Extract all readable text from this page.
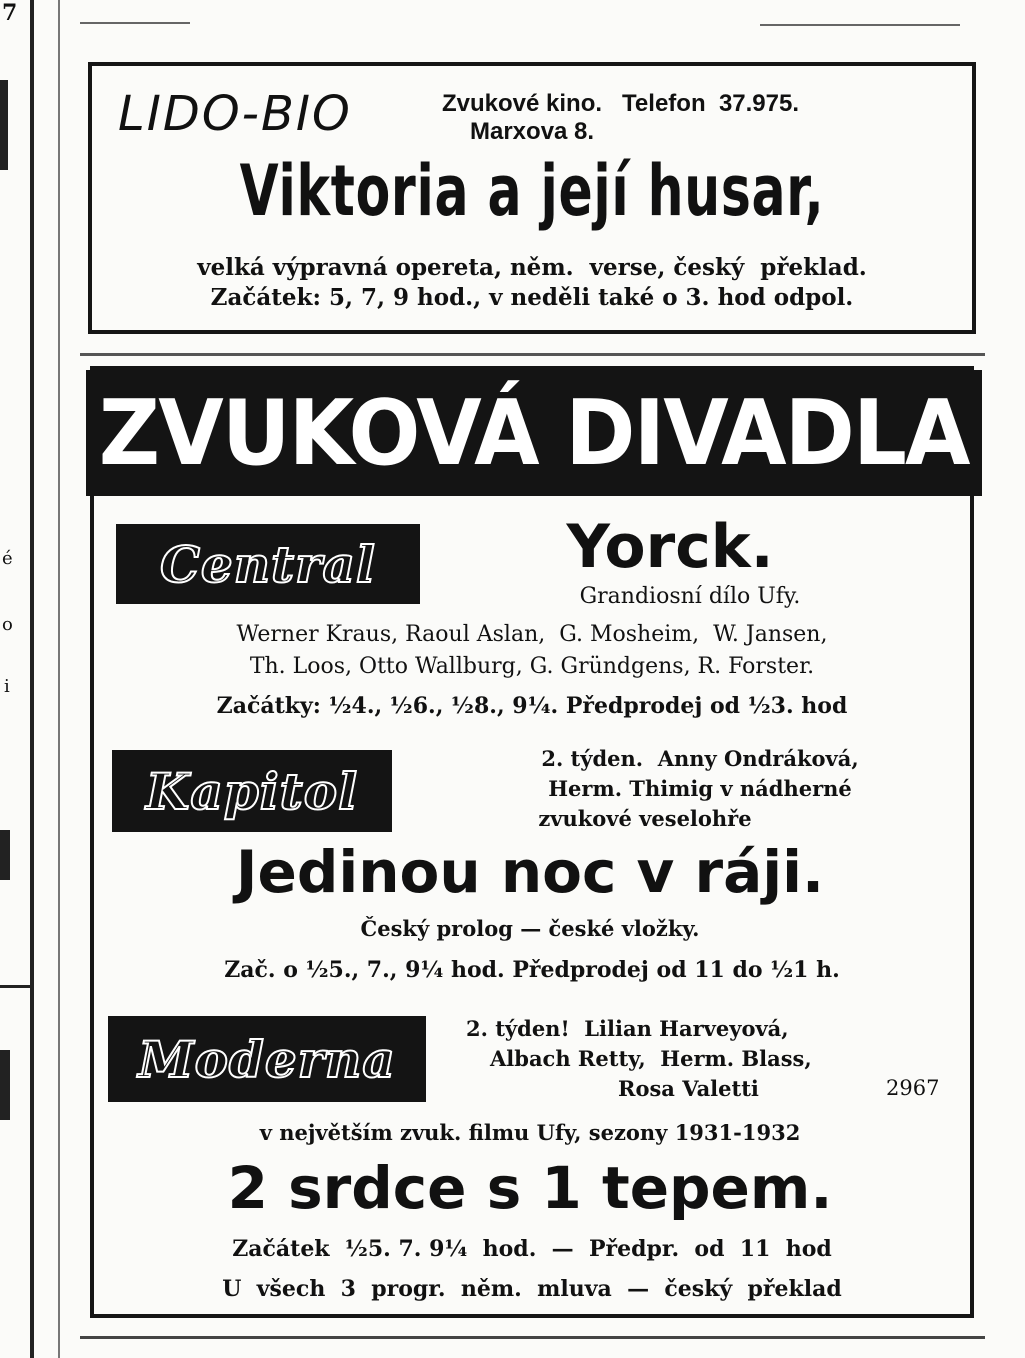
7
é
o
i
LIDO-BIO	Zvukové kino.   Telefon  37.975.
Marxova 8.
Viktoria a její husar,
velká výpravná opereta, něm.  verse, český  překlad.
Začátek: 5, 7, 9 hod., v neděli také o 3. hod odpol.
ZVUKOVÁ DIVADLA
Central	Yorck.
Grandiosní dílo Ufy.
Werner Kraus, Raoul Aslan,  G. Mosheim,  W. Jansen,
Th. Loos, Otto Wallburg, G. Gründgens, R. Forster.
Začátky: ½4., ½6., ½8., 9¼. Předprodej od ½3. hod
Kapitol
2. týden.  Anny Ondráková,
Herm. Thimig v nádherné
zvukové veselohře
Jedinou noc v ráji.
Český prolog — české vložky.
Zač. o ½5., 7., 9¼ hod. Předprodej od 11 do ½1 h.
Moderna
2. týden!  Lilian Harveyová,
Albach Retty,  Herm. Blass,
Rosa Valetti	2967
v největším zvuk. filmu Ufy, sezony 1931-1932
2 srdce s 1 tepem.
Začátek  ½5. 7. 9¼  hod.  —  Předpr.  od  11  hod
U  všech  3  progr.  něm.  mluva  —  český  překlad
